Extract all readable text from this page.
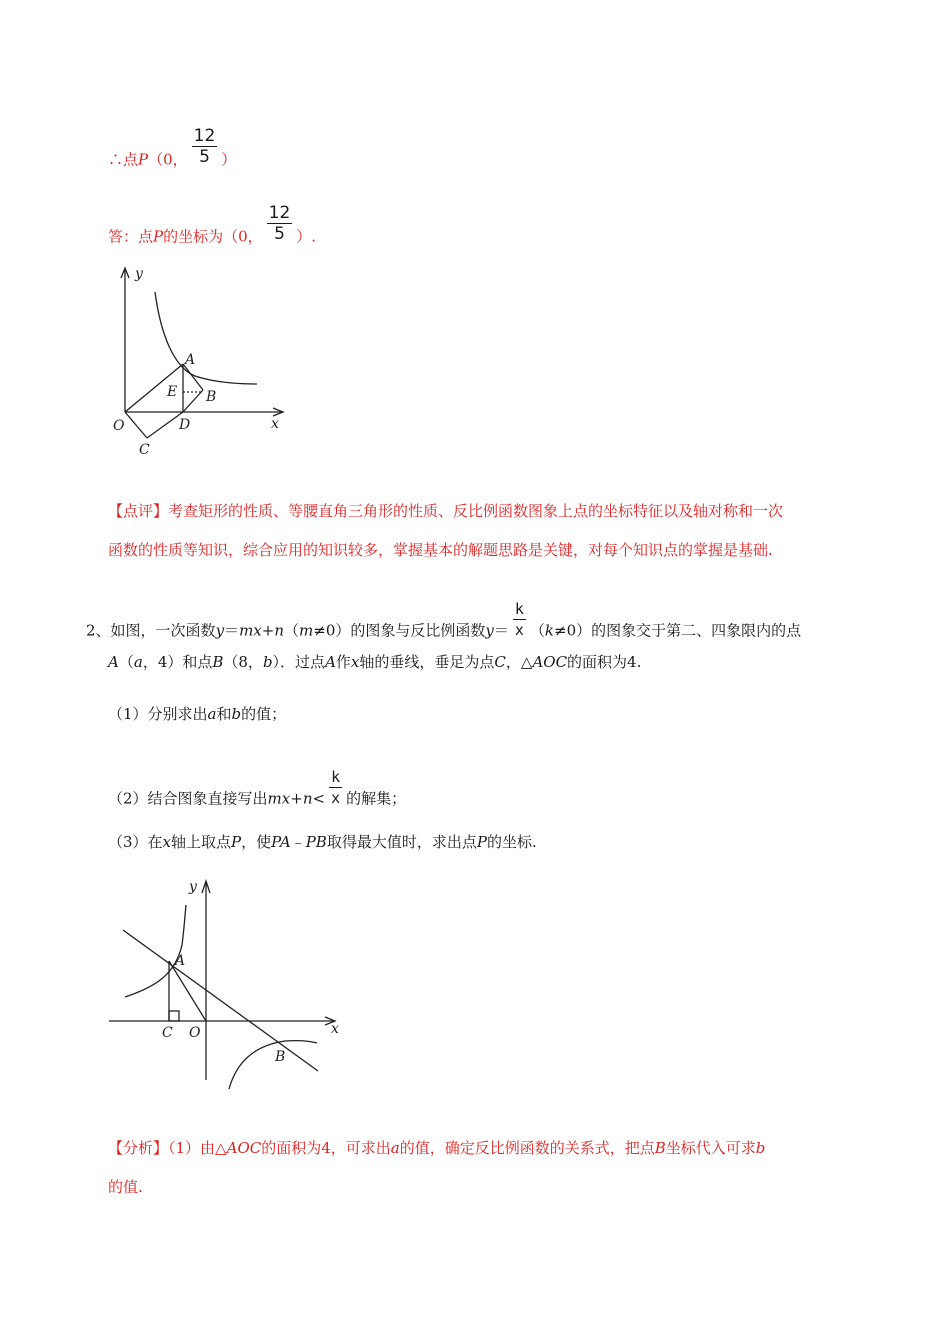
∴点P（0， $\frac{12}{5}$ ）
答：点P的坐标为（0， $\frac{12}{5}$ ）.
y
x
O
A
B
C
D
E
【点评】考查矩形的性质、等腰直角三角形的性质、反比例函数图象上点的坐标特征以及轴对称和一次
函数的性质等知识，综合应用的知识较多，掌握基本的解题思路是关键，对每个知识点的掌握是基础.
2、如图，一次函数y＝mx+n（m≠0）的图象与反比例函数$y= \frac{k}{x} (k\ne 0)$的图象交于第二、四象限内的点
A（a，4）和点B（8，b）．过点A作x轴的垂线，垂足为点C，△AOC的面积为4.
（1）分别求出a和b的值；
（2）结合图象直接写出$mx+n< \frac{k}{x}$ 的解集；
（3）在x轴上取点P，使PA﹣PB取得最大值时，求出点P的坐标.
y
x
O
A
B
C
【分析】（1）由△AOC的面积为4，可求出a的值，确定反比例函数的关系式，把点B坐标代入可求b
的值.
